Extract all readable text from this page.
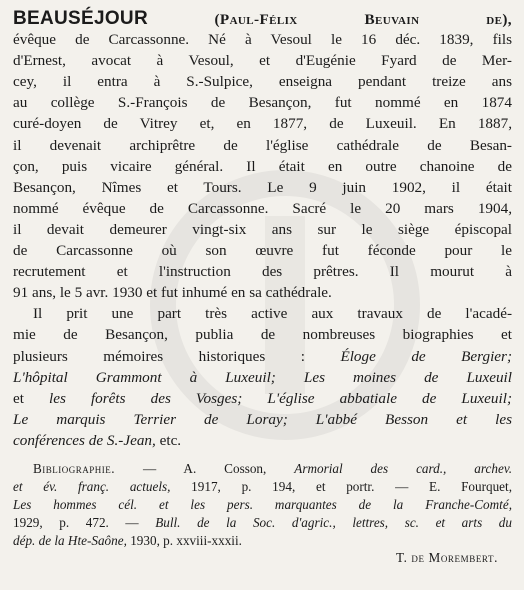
BEAUSÉJOUR	(Paul-Félix Beuvain de),
évêque de Carcassonne. Né à Vesoul le 16 déc. 1839, fils
d'Ernest, avocat à Vesoul, et d'Eugénie Fyard de Mer-
cey, il entra à S.-Sulpice, enseigna pendant treize ans
au collège S.-François de Besançon, fut nommé en 1874
curé-doyen de Vitrey et, en 1877, de Luxeuil. En 1887,
il devenait archiprêtre de l'église cathédrale de Besan-
çon, puis vicaire général. Il était en outre chanoine de
Besançon, Nîmes et Tours. Le 9 juin 1902, il était
nommé évêque de Carcassonne. Sacré le 20 mars 1904,
il devait demeurer vingt-six ans sur le siège épiscopal
de Carcassonne où son œuvre fut féconde pour le
recrutement et l'instruction des prêtres. Il mourut à
91 ans, le 5 avr. 1930 et fut inhumé en sa cathédrale.
Il prit une part très active aux travaux de l'acadé-
mie de Besançon, publia de nombreuses biographies et
plusieurs mémoires historiques : Éloge de Bergier;
L'hôpital Grammont à Luxeuil; Les moines de Luxeuil
et les forêts des Vosges; L'église abbatiale de Luxeuil;
Le marquis Terrier de Loray; L'abbé Besson et les
conférences de S.-Jean, etc.
Bibliographie. — A. Cosson, Armorial des card., archev.
et év. franç. actuels, 1917, p. 194, et portr. — E. Fourquet,
Les hommes cél. et les pers. marquantes de la Franche-Comté,
1929, p. 472. — Bull. de la Soc. d'agric., lettres, sc. et arts du
dép. de la Hte-Saône, 1930, p. xxviii-xxxii.
T. de Morembert.
